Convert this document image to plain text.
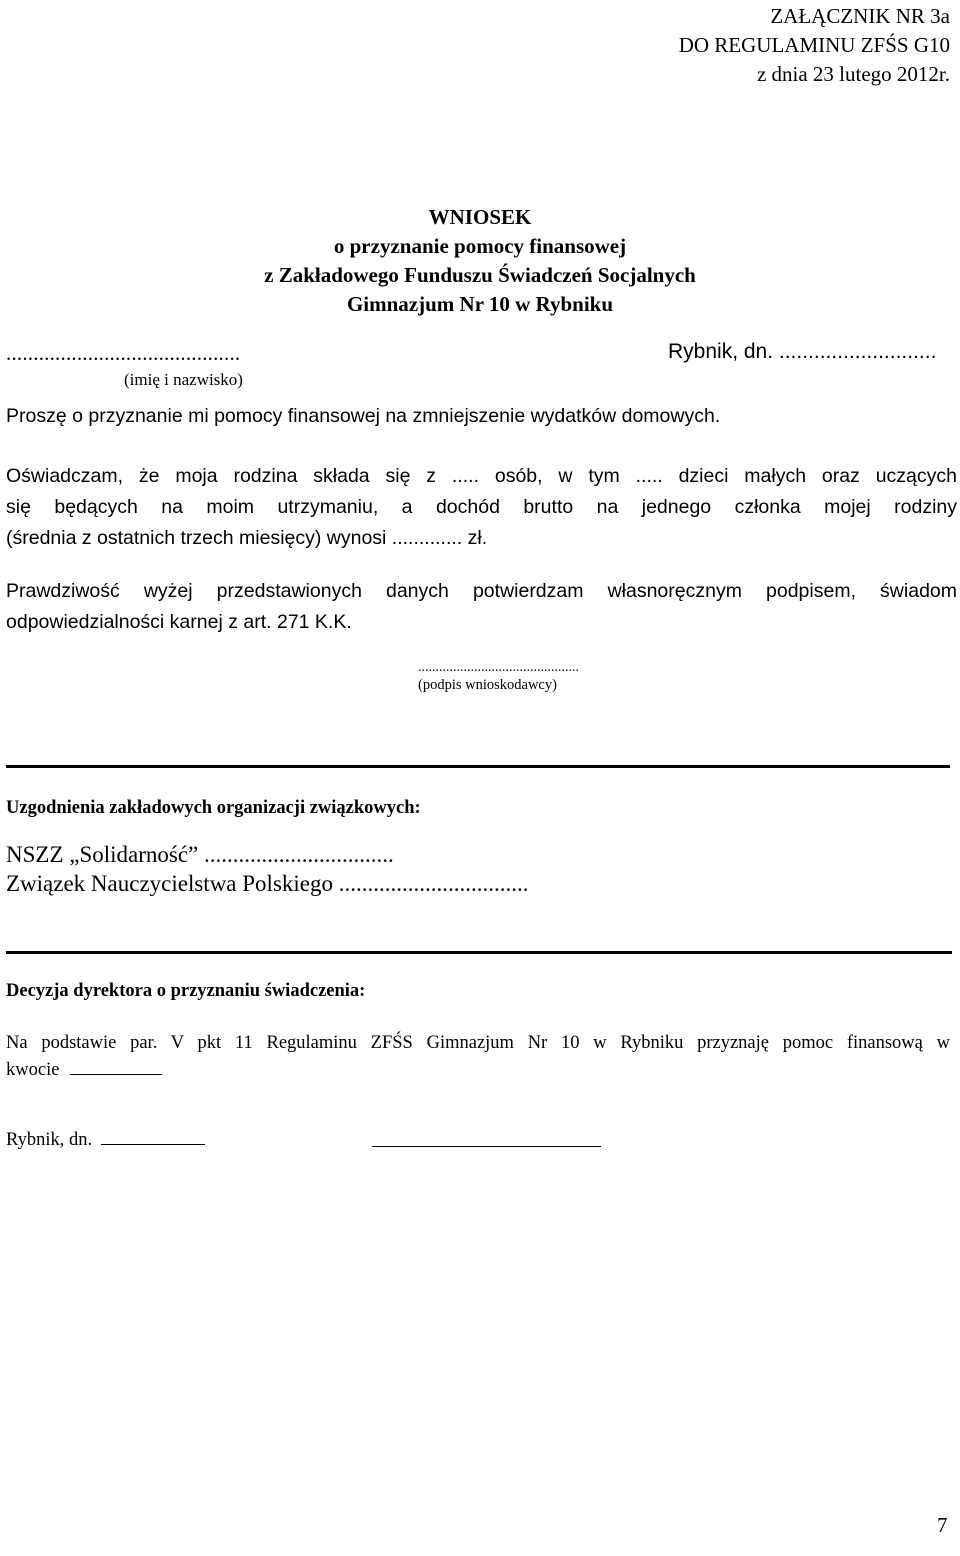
ZAŁĄCZNIK NR 3a
DO REGULAMINU ZFŚS G10
z dnia 23 lutego 2012r.
WNIOSEK
o przyznanie pomocy finansowej
z Zakładowego Funduszu Świadczeń Socjalnych
Gimnazjum Nr 10 w Rybniku
...........................................
(imię i nazwisko)
Rybnik, dn. ...........................
Proszę o przyznanie mi pomocy finansowej na zmniejszenie wydatków domowych.
Oświadczam, że moja rodzina składa się z ..... osób, w tym ..... dzieci małych oraz uczących
się będących na moim utrzymaniu, a dochód brutto na jednego członka mojej rodziny
(średnia z ostatnich trzech miesięcy) wynosi ............. zł.
Prawdziwość wyżej przedstawionych danych potwierdzam własnoręcznym podpisem, świadom
odpowiedzialności karnej z art. 271 K.K.
..............................................
(podpis wnioskodawcy)
Uzgodnienia zakładowych organizacji związkowych:
NSZZ „Solidarność” .................................
Związek Nauczycielstwa Polskiego .................................
Decyzja dyrektora o przyznaniu świadczenia:
Na podstawie par. V pkt 11 Regulaminu ZFŚS Gimnazjum Nr 10 w Rybniku przyznaję pomoc finansową w
kwocie
Rybnik, dn.
7
